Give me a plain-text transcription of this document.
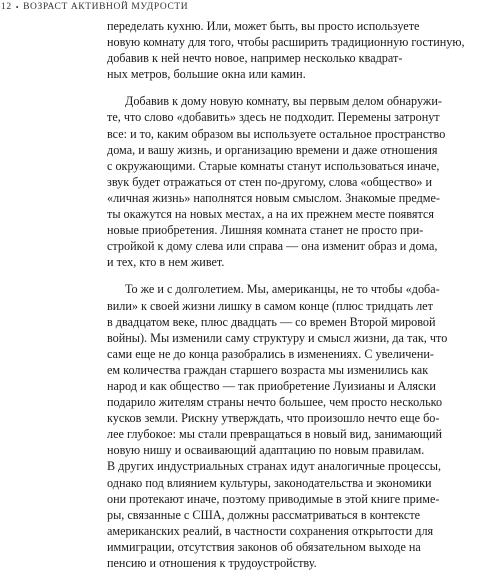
12 • ВОЗРАСТ АКТИВНОЙ МУДРОСТИ
переделать кухню. Или, может быть, вы просто используете
новую комнату для того, чтобы расширить традиционную гостиную,
добавив к ней нечто новое, например несколько квадрат-
ных метров, большие окна или камин.
Добавив к дому новую комнату, вы первым делом обнаружи-
те, что слово «добавить» здесь не подходит. Перемены затронут
все: и то, каким образом вы используете остальное пространство
дома, и вашу жизнь, и организацию времени и даже отношения
с окружающими. Старые комнаты станут использоваться иначе,
звук будет отражаться от стен по-другому, слова «общество» и
«личная жизнь» наполнятся новым смыслом. Знакомые предме-
ты окажутся на новых местах, а на их прежнем месте появятся
новые приобретения. Лишняя комната станет не просто при-
стройкой к дому слева или справа — она изменит образ и дома,
и тех, кто в нем живет.
То же и с долголетием. Мы, американцы, не то чтобы «доба-
вили» к своей жизни лишку в самом конце (плюс тридцать лет
в двадцатом веке, плюс двадцать — со времен Второй мировой
войны). Мы изменили саму структуру и смысл жизни, да так, что
сами еще не до конца разобрались в изменениях. С увеличени-
ем количества граждан старшего возраста мы изменились как
народ и как общество — так приобретение Луизианы и Аляски
подарило жителям страны нечто большее, чем просто несколько
кусков земли. Рискну утверждать, что произошло нечто еще бо-
лее глубокое: мы стали превращаться в новый вид, занимающий
новую нишу и осваивающий адаптацию по новым правилам.
В других индустриальных странах идут аналогичные процессы,
однако под влиянием культуры, законодательства и экономики
они протекают иначе, поэтому приводимые в этой книге приме-
ры, связанные с США, должны рассматриваться в контексте
американских реалий, в частности сохранения открытости для
иммиграции, отсутствия законов об обязательном выходе на
пенсию и отношения к трудоустройству.
